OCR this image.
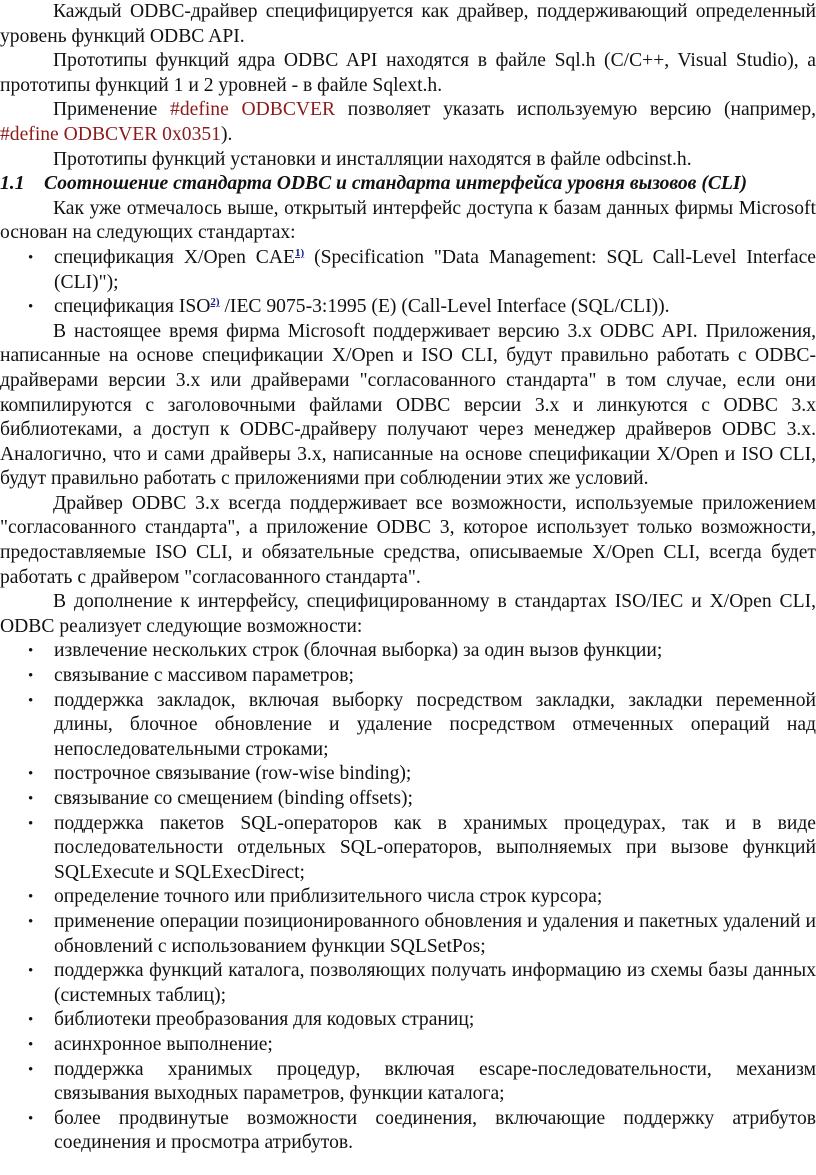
Каждый ODBC-драйвер специфицируется как драйвер, поддерживающий определенный уровень функций ODBC API.

Прототипы функций ядра ODBC API находятся в файле Sql.h (C/C++, Visual Studio), а прототипы функций 1 и 2 уровней - в файле Sqlext.h.

Применение #define ODBCVER позволяет указать используемую версию (например, #define ODBCVER 0x0351).

Прототипы функций установки и инсталляции находятся в файле odbcinst.h.

1.1 Соотношение стандарта ODBC и стандарта интерфейса уровня вызовов (CLI)

Как уже отмечалось выше, открытый интерфейс доступа к базам данных фирмы Microsoft основан на следующих стандартах:

• спецификация X/Open CAE$^{1)}$ (Specification "Data Management: SQL Call-Level Interface (CLI)");
• спецификация ISO$^{2)}$ /IEC 9075-3:1995 (E) (Call-Level Interface (SQL/CLI)).

В настоящее время фирма Microsoft поддерживает версию 3.x ODBC API. Приложения, написанные на основе спецификации X/Open и ISO CLI, будут правильно работать с ODBC-драйверами версии 3.x или драйверами "согласованного стандарта" в том случае, если они компилируются с заголовочными файлами ODBC версии 3.x и линкуются с ODBC 3.x библиотеками, а доступ к ODBC-драйверу получают через менеджер драйверов ODBC 3.x. Аналогично, что и сами драйверы 3.x, написанные на основе спецификации X/Open и ISO CLI, будут правильно работать с приложениями при соблюдении этих же условий.

Драйвер ODBC 3.x всегда поддерживает все возможности, используемые приложением "согласованного стандарта", а приложение ODBC 3, которое использует только возможности, предоставляемые ISO CLI, и обязательные средства, описываемые X/Open CLI, всегда будет работать с драйвером "согласованного стандарта".

В дополнение к интерфейсу, специфицированному в стандартах ISO/IEC и X/Open CLI, ODBC реализует следующие возможности:

• извлечение нескольких строк (блочная выборка) за один вызов функции;
• связывание с массивом параметров;
• поддержка закладок, включая выборку посредством закладки, закладки переменной длины, блочное обновление и удаление посредством отмеченных операций над непоследовательными строками;
• построчное связывание (row-wise binding);
• связывание со смещением (binding offsets);
• поддержка пакетов SQL-операторов как в хранимых процедурах, так и в виде последовательности отдельных SQL-операторов, выполняемых при вызове функций SQLExecute и SQLExecDirect;
• определение точного или приблизительного числа строк курсора;
• применение операции позиционированного обновления и удаления и пакетных удалений и обновлений с использованием функции SQLSetPos;
• поддержка функций каталога, позволяющих получать информацию из схемы базы данных (системных таблиц);
• библиотеки преобразования для кодовых страниц;
• асинхронное выполнение;
• поддержка хранимых процедур, включая escape-последовательности, механизм связывания выходных параметров, функции каталога;
• более продвинутые возможности соединения, включающие поддержку атрибутов соединения и просмотра атрибутов.
